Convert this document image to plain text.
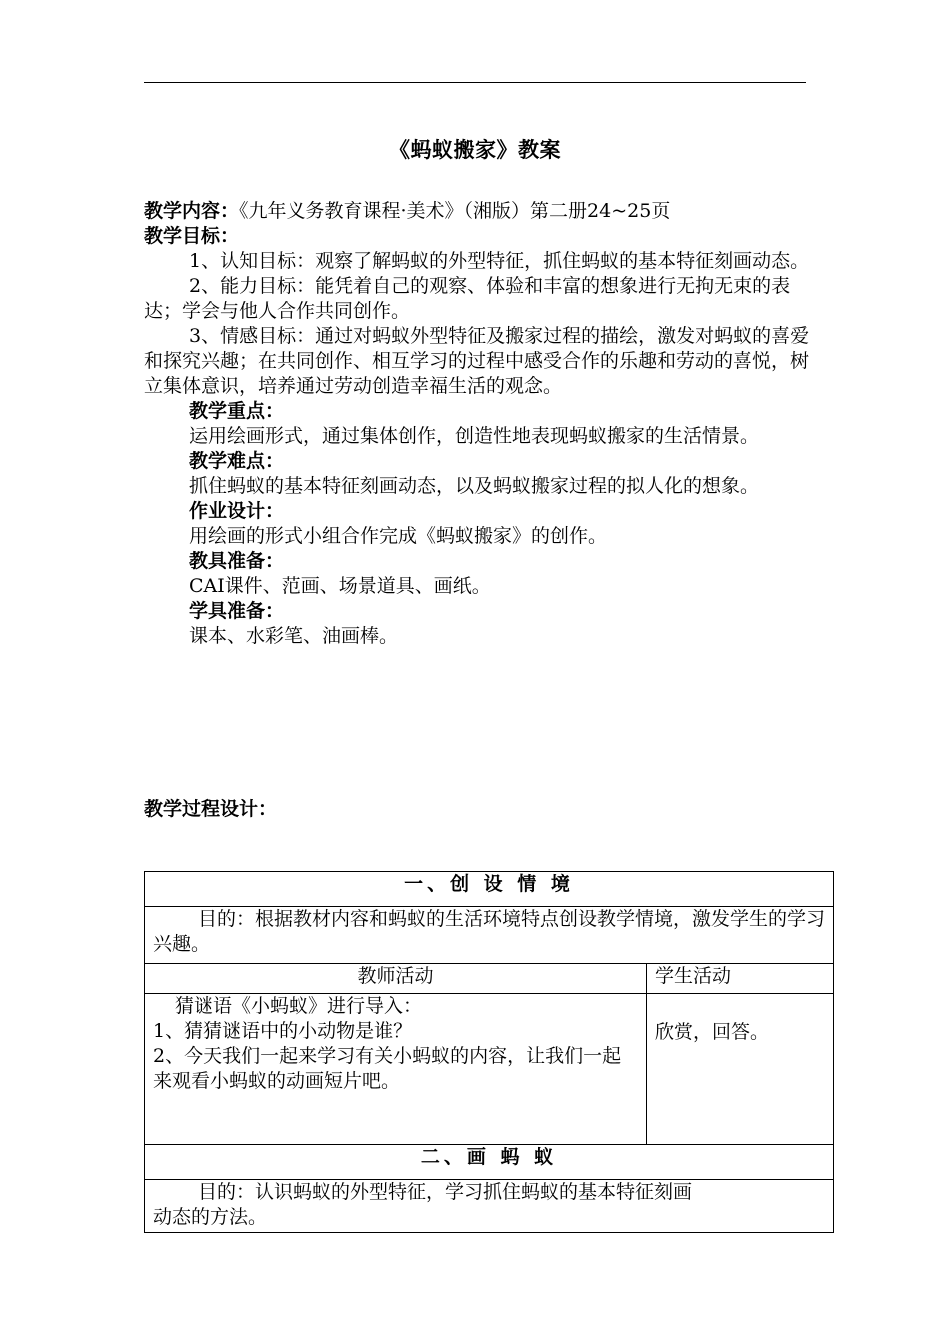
《蚂蚁搬家》教案
教学内容：《九年义务教育课程·美术》（湘版）第二册24~25页
教学目标：
1、认知目标：观察了解蚂蚁的外型特征，抓住蚂蚁的基本特征刻画动态。
2、能力目标：能凭着自己的观察、体验和丰富的想象进行无拘无束的表达；学会与他人合作共同创作。
3、情感目标：通过对蚂蚁外型特征及搬家过程的描绘，激发对蚂蚁的喜爱和探究兴趣；在共同创作、相互学习的过程中感受合作的乐趣和劳动的喜悦，树立集体意识，培养通过劳动创造幸福生活的观念。
教学重点：
运用绘画形式，通过集体创作，创造性地表现蚂蚁搬家的生活情景。
教学难点：
抓住蚂蚁的基本特征刻画动态，以及蚂蚁搬家过程的拟人化的想象。
作业设计：
用绘画的形式小组合作完成《蚂蚁搬家》的创作。
教具准备：
CAI课件、范画、场景道具、画纸。
学具准备：
课本、水彩笔、油画棒。
教学过程设计：
一、创 设 情 境	

目的：根据教材内容和蚂蚁的生活环境特点创设教学情境，激发学生的学习兴趣。	

教师活动	学生活动

猜谜语《小蚂蚁》进行导入：
1、猜猜谜语中的小动物是谁？
2、今天我们一起来学习有关小蚂蚁的内容，让我们一起来观看小蚂蚁的动画短片吧。	欣赏，回答。
二、画 蚂 蚁	

目的：认识蚂蚁的外型特征，学习抓住蚂蚁的基本特征刻画
动态的方法。	
